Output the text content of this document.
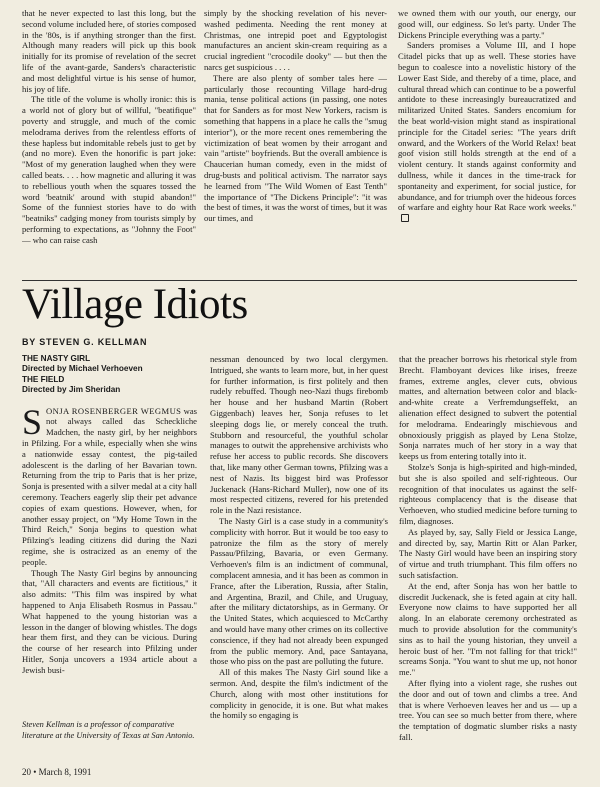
that he never expected to last this long, but the second volume included here, of stories composed in the '80s, is if anything stronger than the first. Although many readers will pick up this book initially for its promise of revelation of the secret life of the avant-garde, Sanders's characteristic and most delightful virtue is his sense of humor, his joy of life.

The title of the volume is wholly ironic: this is a world not of glory but of willful, "beatifique" poverty and struggle, and much of the comic melodrama derives from the relentless efforts of these hapless but indomitable rebels just to get by (and no more). Even the honorific is part joke: "Most of my generation laughed when they were called beats. . . . how magnetic and alluring it was to rebellious youth when the squares tossed the word 'beatnik' around with stupid abandon!" Some of the funniest stories have to do with "beatniks" cadging money from tourists simply by performing to expectations, as "Johnny the Foot" — who can raise cash

simply by the shocking revelation of his never-washed pedimenta. Needing the rent money at Christmas, one intrepid poet and Egyptologist manufactures an ancient skin-cream requiring as a crucial ingredient "crocodile dooky" — but then the narcs get suspicious . . . .

There are also plenty of somber tales here — particularly those recounting Village hard-drug mania, tense political actions (in passing, one notes that for Sanders as for most New Yorkers, racism is something that happens in a place he calls the "smug interior"), or the more recent ones remembering the victimization of beat women by their arrogant and vain "artiste" boyfriends. But the overall ambience is Chaucerian human comedy, even in the midst of drug-busts and political activism. The narrator says he learned from "The Wild Women of East Tenth" the importance of "The Dickens Principle": "it was the best of times, it was the worst of times, but it was our times, and

we owned them with our youth, our energy, our good will, our edginess. So let's party. Under The Dickens Principle everything was a party."

Sanders promises a Volume III, and I hope Citadel picks that up as well. These stories have begun to coalesce into a novelistic history of the Lower East Side, and thereby of a time, place, and cultural thread which can continue to be a powerful antidote to these increasingly bureaucratized and militarized United States. Sanders encomium for the beat world-vision might stand as inspirational principle for the Citadel series: "The years drift onward, and the Workers of the World Relax! beat goof vision still holds strength at the end of a violent century. It stands against conformity and dullness, while it dances in the time-track for spontaneity and experiment, for social justice, for abundance, and for triumph over the hideous forces of warfare and eighty hour Rat Race work weeks."

Village Idiots

BY STEVEN G. KELLMAN

THE NASTY GIRL
Directed by Michael Verhoeven
THE FIELD
Directed by Jim Sheridan

SONJA ROSENBERGER WEGMUS was not always called das Scheckliche Madchen, the nasty girl, by her neighbors in Pfilzing. For a while, especially when she wins a nationwide essay contest, the pig-tailed adolescent is the darling of her Bavarian town. Returning from the trip to Paris that is her prize, Sonja is presented with a silver medal at a city hall ceremony. Teachers eagerly slip their pet advance copies of exam questions. However, when, for another essay project, on "My Home Town in the Third Reich," Sonja begins to question what Pfilzing's leading citizens did during the Nazi regime, she is ostracized as an enemy of the people.

Though The Nasty Girl begins by announcing that, "All characters and events are fictitious," it also admits: "This film was inspired by what happened to Anja Elisabeth Rosmus in Passau." What happened to the young historian was a lesson in the danger of blowing whistles. The dogs hear them first, and they can be vicious. During the course of her research into Pfilzing under Hitler, Sonja uncovers a 1934 article about a Jewish busi-

Steven Kellman is a professor of comparative literature at the University of Texas at San Antonio.

nessman denounced by two local clergymen. Intrigued, she wants to learn more, but, in her quest for further information, is first politely and then rudely rebuffed. Though neo-Nazi thugs firebomb her house and her husband Martin (Robert Giggenbach) leaves her, Sonja refuses to let sleeping dogs lie, or merely conceal the truth. Stubborn and resourceful, the youthful scholar manages to outwit the apprehensive archivists who refuse her access to public records. She discovers that, like many other German towns, Pfilzing was a nest of Nazis. Its biggest bird was Professor Juckenack (Hans-Richard Muller), now one of its most respected citizens, revered for his pretended role in the Nazi resistance.

The Nasty Girl is a case study in a community's complicity with horror. But it would be too easy to patronize the film as the story of merely Passau/Pfilzing, Bavaria, or even Germany. Verhoeven's film is an indictment of communal, complacent amnesia, and it has been as common in France, after the Liberation, Russia, after Stalin, and Argentina, Brazil, and Chile, and Uruguay, after the military dictatorships, as in Germany. Or the United States, which acquiesced to McCarthy and would have many other crimes on its collective conscience, if they had not already been expunged from the public memory. And, pace Santayana, those who piss on the past are polluting the future.

All of this makes The Nasty Girl sound like a sermon. And, despite the film's indictment of the Church, along with most other institutions for complicity in genocide, it is one. But what makes the homily so engaging is

that the preacher borrows his rhetorical style from Brecht. Flamboyant devices like irises, freeze frames, extreme angles, clever cuts, obvious mattes, and alternation between color and black-and-white create a Verfremdungseffekt, an alienation effect designed to subvert the potential for melodrama. Endearingly mischievous and obnoxiously priggish as played by Lena Stolze, Sonja narrates much of her story in a way that keeps us from entering totally into it.

Stolze's Sonja is high-spirited and high-minded, but she is also spoiled and self-righteous. Our recognition of that inoculates us against the self-righteous complacency that is the disease that Verhoeven, who studied medicine before turning to film, diagnoses.

As played by, say, Sally Field or Jessica Lange, and directed by, say, Martin Ritt or Alan Parker, The Nasty Girl would have been an inspiring story of virtue and truth triumphant. This film offers no such satisfaction.

At the end, after Sonja has won her battle to discredit Juckenack, she is feted again at city hall. Everyone now claims to have supported her all along. In an elaborate ceremony orchestrated as much to provide absolution for the community's sins as to hail the young historian, they unveil a heroic bust of her. "I'm not falling for that trick!" screams Sonja. "You want to shut me up, not honor me."

After flying into a violent rage, she rushes out the door and out of town and climbs a tree. And that is where Verhoeven leaves her and us — up a tree. You can see so much better from there, where the temptation of dogmatic slumber risks a nasty fall.

20 • March 8, 1991
